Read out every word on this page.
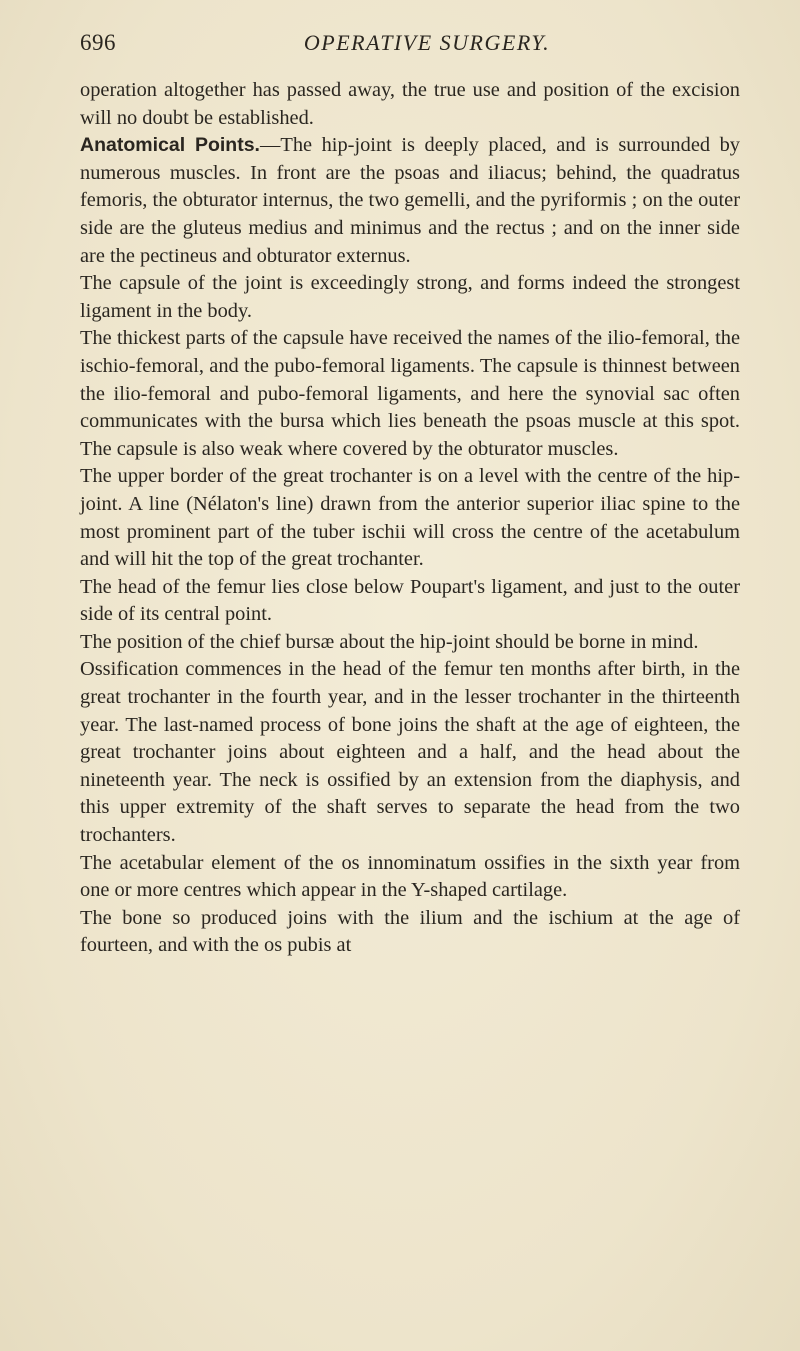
696	OPERATIVE SURGERY.

operation altogether has passed away, the true use and position of the excision will no doubt be established.

Anatomical Points.—The hip-joint is deeply placed, and is surrounded by numerous muscles. In front are the psoas and iliacus; behind, the quadratus femoris, the obturator internus, the two gemelli, and the pyriformis ; on the outer side are the gluteus medius and minimus and the rectus ; and on the inner side are the pectineus and obturator externus.

The capsule of the joint is exceedingly strong, and forms indeed the strongest ligament in the body.

The thickest parts of the capsule have received the names of the ilio-femoral, the ischio-femoral, and the pubo-femoral ligaments. The capsule is thinnest between the ilio-femoral and pubo-femoral ligaments, and here the synovial sac often communicates with the bursa which lies beneath the psoas muscle at this spot. The capsule is also weak where covered by the obturator muscles.

The upper border of the great trochanter is on a level with the centre of the hip-joint. A line (Nélaton's line) drawn from the anterior superior iliac spine to the most prominent part of the tuber ischii will cross the centre of the acetabulum and will hit the top of the great trochanter.

The head of the femur lies close below Poupart's ligament, and just to the outer side of its central point.

The position of the chief bursæ about the hip-joint should be borne in mind.

Ossification commences in the head of the femur ten months after birth, in the great trochanter in the fourth year, and in the lesser trochanter in the thirteenth year. The last-named process of bone joins the shaft at the age of eighteen, the great trochanter joins about eighteen and a half, and the head about the nineteenth year. The neck is ossified by an extension from the diaphysis, and this upper extremity of the shaft serves to separate the head from the two trochanters.

The acetabular element of the os innominatum ossifies in the sixth year from one or more centres which appear in the Y-shaped cartilage.

The bone so produced joins with the ilium and the ischium at the age of fourteen, and with the os pubis at
